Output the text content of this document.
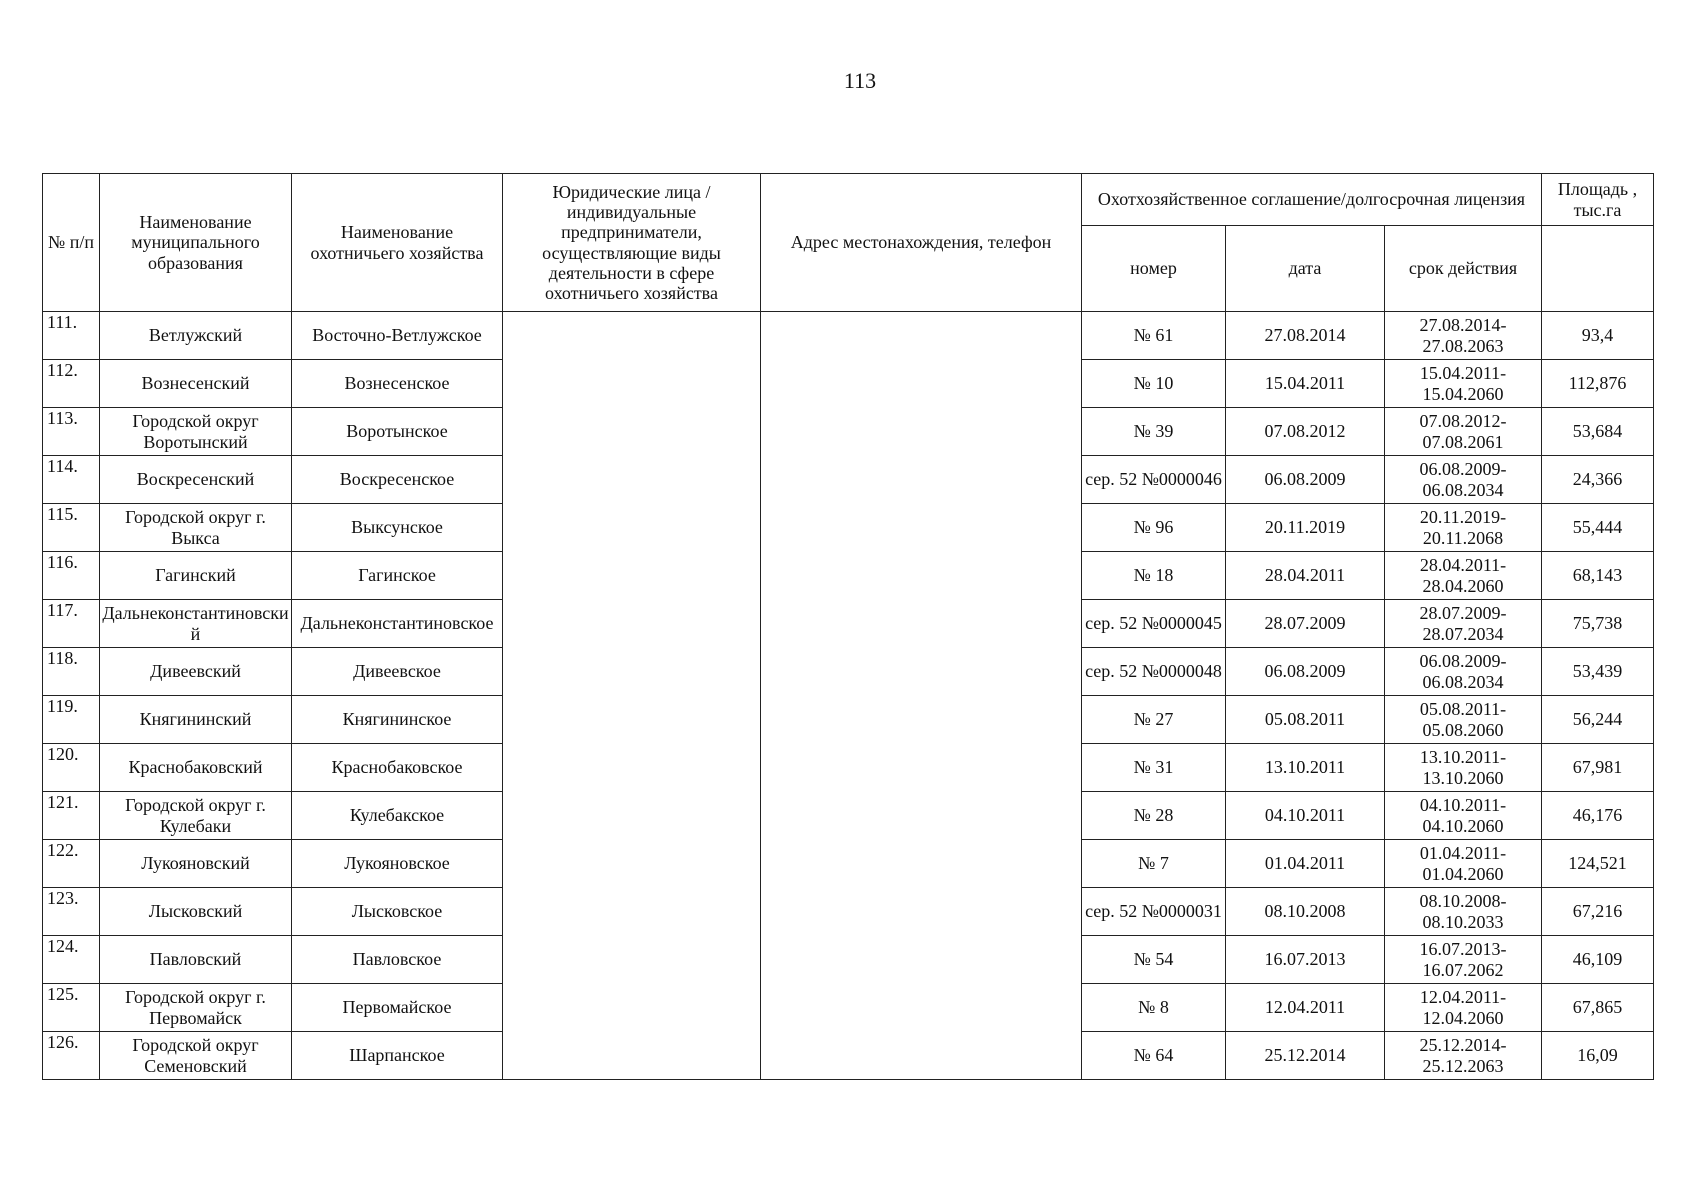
113
№ п/п	Наименование муниципального образования	Наименование охотничьего хозяйства	Юридические лица / индивидуальные предприниматели, осуществляющие виды деятельности в сфере охотничьего хозяйства	Адрес местонахождения, телефон	Охотхозяйственное соглашение/долгосрочная лицензия			Площадь , тыс.га
					номер	дата	срок действия	
111.	Ветлужский	Восточно-Ветлужское			№ 61	27.08.2014	27.08.2014-27.08.2063	93,4
112.	Вознесенский	Вознесенское			№ 10	15.04.2011	15.04.2011-15.04.2060	112,876
113.	Городской округ Воротынский	Воротынское			№ 39	07.08.2012	07.08.2012-07.08.2061	53,684
114.	Воскресенский	Воскресенское			сер. 52 №0000046	06.08.2009	06.08.2009-06.08.2034	24,366
115.	Городской округ г. Выкса	Выксунское			№ 96	20.11.2019	20.11.2019-20.11.2068	55,444
116.	Гагинский	Гагинское			№ 18	28.04.2011	28.04.2011-28.04.2060	68,143
117.	Дальнеконстантиновский	Дальнеконстантиновское			сер. 52 №0000045	28.07.2009	28.07.2009-28.07.2034	75,738
118.	Дивеевский	Дивеевское			сер. 52 №0000048	06.08.2009	06.08.2009-06.08.2034	53,439
119.	Княгининский	Княгининское			№ 27	05.08.2011	05.08.2011-05.08.2060	56,244
120.	Краснобаковский	Краснобаковское			№ 31	13.10.2011	13.10.2011-13.10.2060	67,981
121.	Городской округ г. Кулебаки	Кулебакское			№ 28	04.10.2011	04.10.2011-04.10.2060	46,176
122.	Лукояновский	Лукояновское			№ 7	01.04.2011	01.04.2011-01.04.2060	124,521
123.	Лысковский	Лысковское			сер. 52 №0000031	08.10.2008	08.10.2008-08.10.2033	67,216
124.	Павловский	Павловское			№ 54	16.07.2013	16.07.2013-16.07.2062	46,109
125.	Городской округ г. Первомайск	Первомайское			№ 8	12.04.2011	12.04.2011-12.04.2060	67,865
126.	Городской округ Семеновский	Шарпанское			№ 64	25.12.2014	25.12.2014-25.12.2063	16,09
